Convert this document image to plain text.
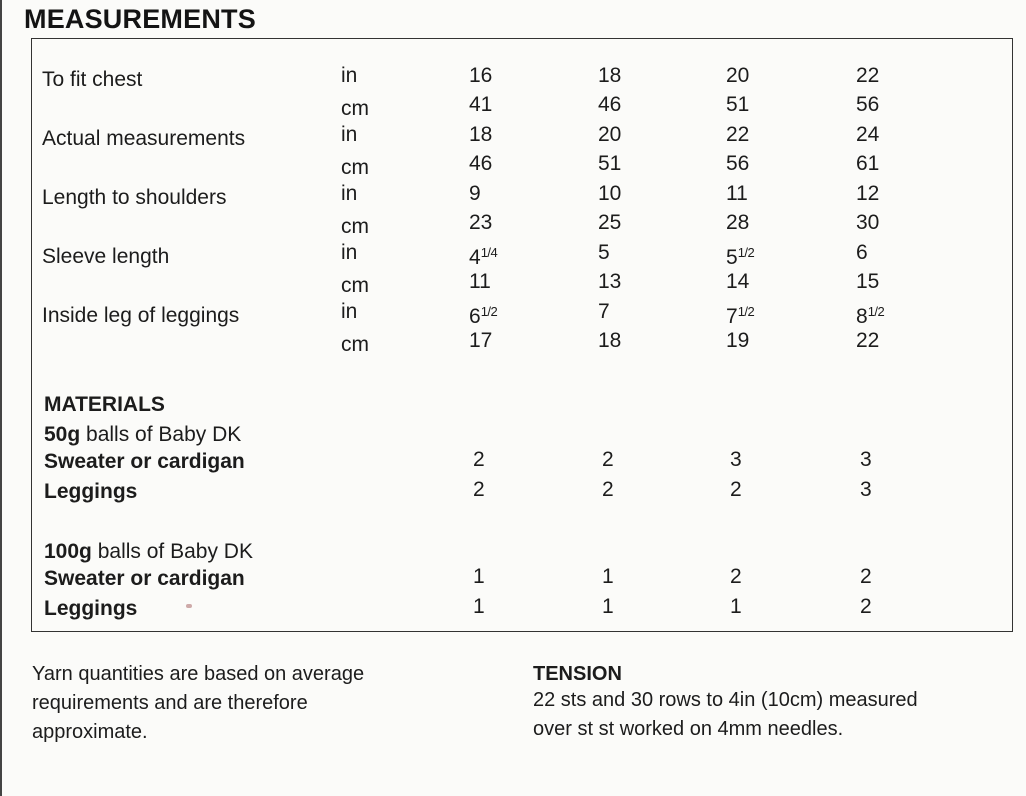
MEASUREMENTS
To fit chest	in	16	18	20	22
cm	41	46	51	56
Actual measurements	in	18	20	22	24
cm	46	51	56	61
Length to shoulders	in	9	10	11	12
cm	23	25	28	30
Sleeve length	in	$4^{1/4}$	5	$5^{1/2}$	6
cm	11	13	14	15
Inside leg of leggings	in	$6^{1/2}$	7	$7^{1/2}$	$8^{1/2}$
cm	17	18	19	22
MATERIALS
50g balls of Baby DK
Sweater or cardigan	2	2	3	3
Leggings	2	2	2	3
100g balls of Baby DK
Sweater or cardigan	1	1	2	2
Leggings	1	1	1	2
Yarn quantities are based on average
requirements and are therefore
approximate.
TENSION
22 sts and 30 rows to 4in (10cm) measured
over st st worked on 4mm needles.
